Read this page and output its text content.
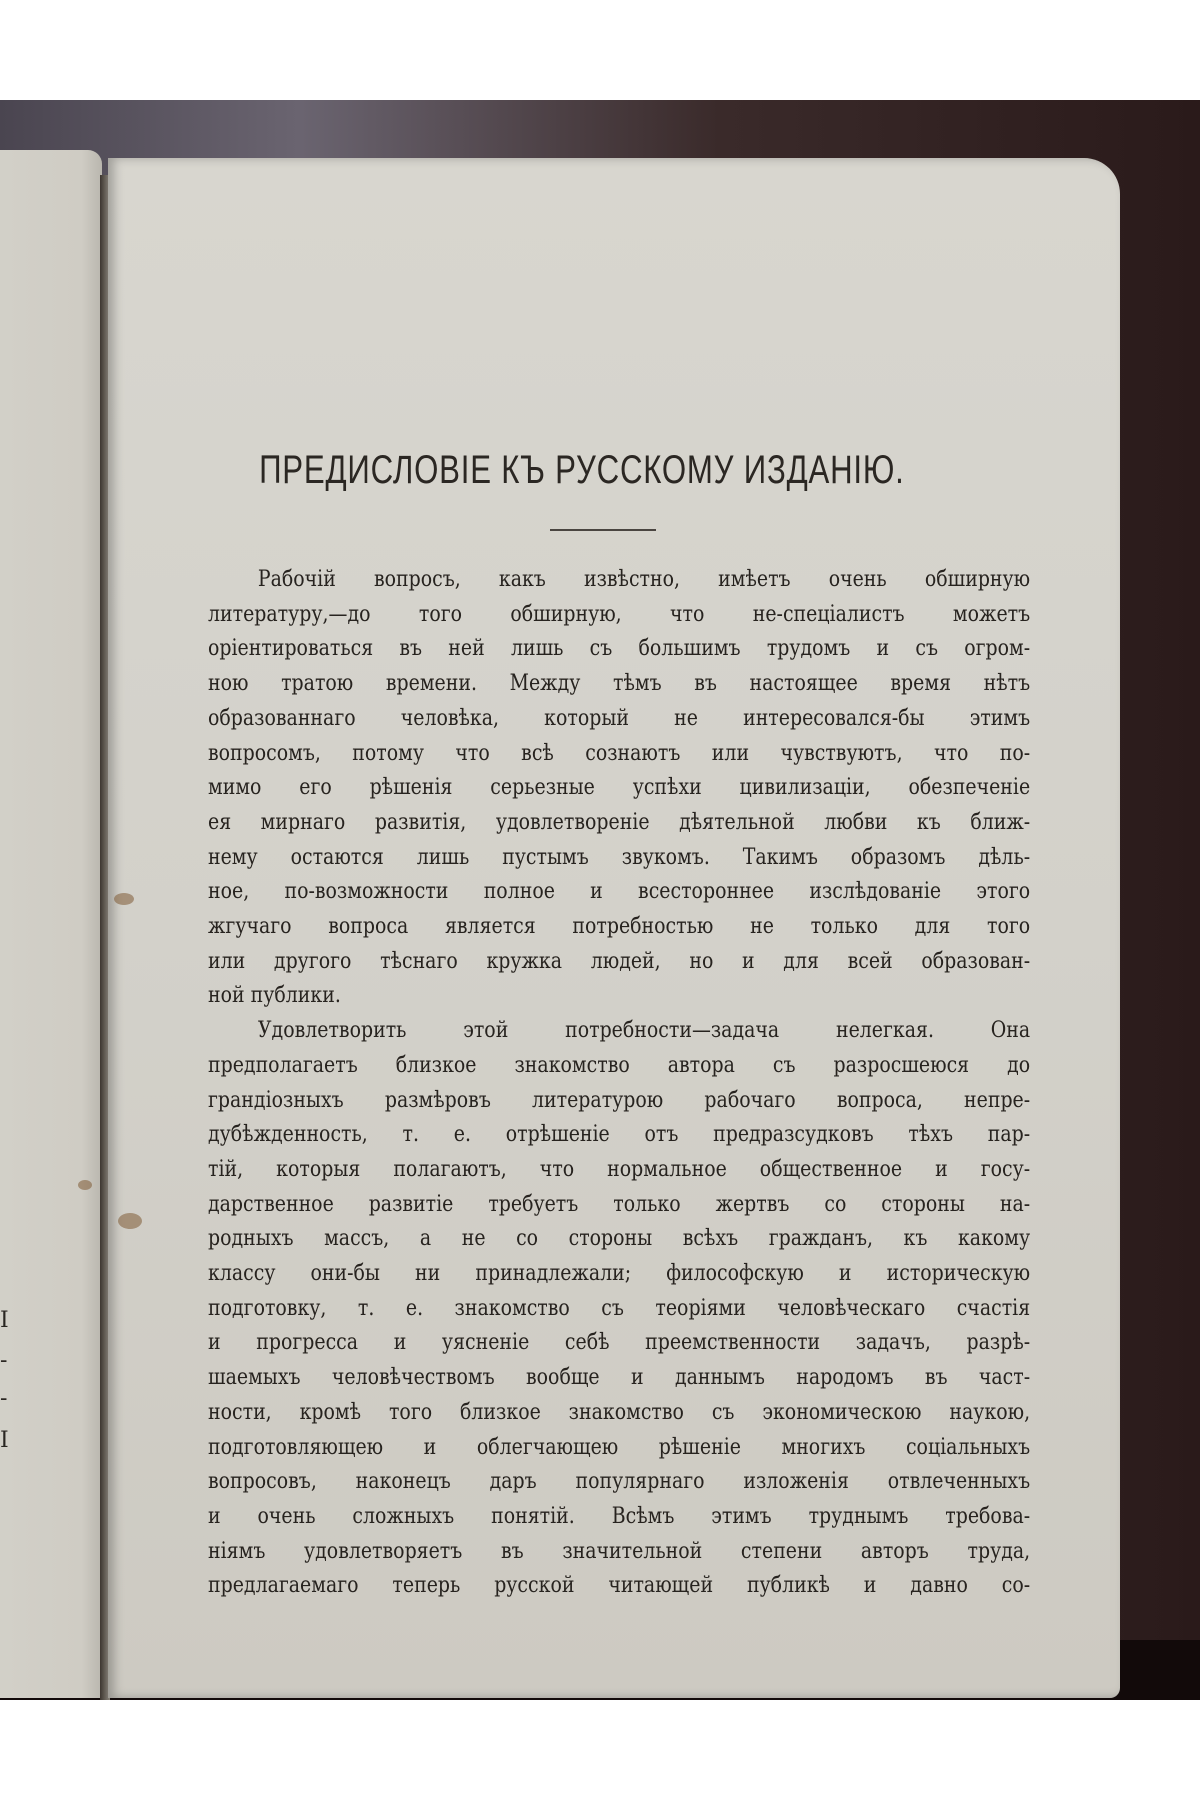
I
-
-
I
ПРЕДИСЛОВІЕ КЪ РУССКОМУ ИЗДАНІЮ.
Рабочій вопросъ, какъ извѣстно, имѣетъ очень обширную
литературу,—до того обширную, что не-спеціалистъ можетъ
оріентироваться въ ней лишь съ большимъ трудомъ и съ огром-
ною тратою времени. Между тѣмъ въ настоящее время нѣтъ
образованнаго человѣка, который не интересовался-бы этимъ
вопросомъ, потому что всѣ сознаютъ или чувствуютъ, что по-
мимо его рѣшенія серьезные успѣхи цивилизаціи, обезпеченіе
ея мирнаго развитія, удовлетвореніе дѣятельной любви къ ближ-
нему остаются лишь пустымъ звукомъ. Такимъ образомъ дѣль-
ное, по-возможности полное и всестороннее изслѣдованіе этого
жгучаго вопроса является потребностью не только для того
или другого тѣснаго кружка людей, но и для всей образован-
ной публики.
Удовлетворить этой потребности—задача нелегкая. Она
предполагаетъ близкое знакомство автора съ разросшеюся до
грандіозныхъ размѣровъ литературою рабочаго вопроса, непре-
дубѣжденность, т. е. отрѣшеніе отъ предразсудковъ тѣхъ пар-
тій, которыя полагаютъ, что нормальное общественное и госу-
дарственное развитіе требуетъ только жертвъ со стороны на-
родныхъ массъ, а не со стороны всѣхъ гражданъ, къ какому
классу они-бы ни принадлежали; философскую и историческую
подготовку, т. е. знакомство съ теоріями человѣческаго счастія
и прогресса и уясненіе себѣ преемственности задачъ, разрѣ-
шаемыхъ человѣчествомъ вообще и даннымъ народомъ въ част-
ности, кромѣ того близкое знакомство съ экономическою наукою,
подготовляющею и облегчающею рѣшеніе многихъ соціальныхъ
вопросовъ, наконецъ даръ популярнаго изложенія отвлеченныхъ
и очень сложныхъ понятій. Всѣмъ этимъ труднымъ требова-
ніямъ удовлетворяетъ въ значительной степени авторъ труда,
предлагаемаго теперь русской читающей публикѣ и давно со-
